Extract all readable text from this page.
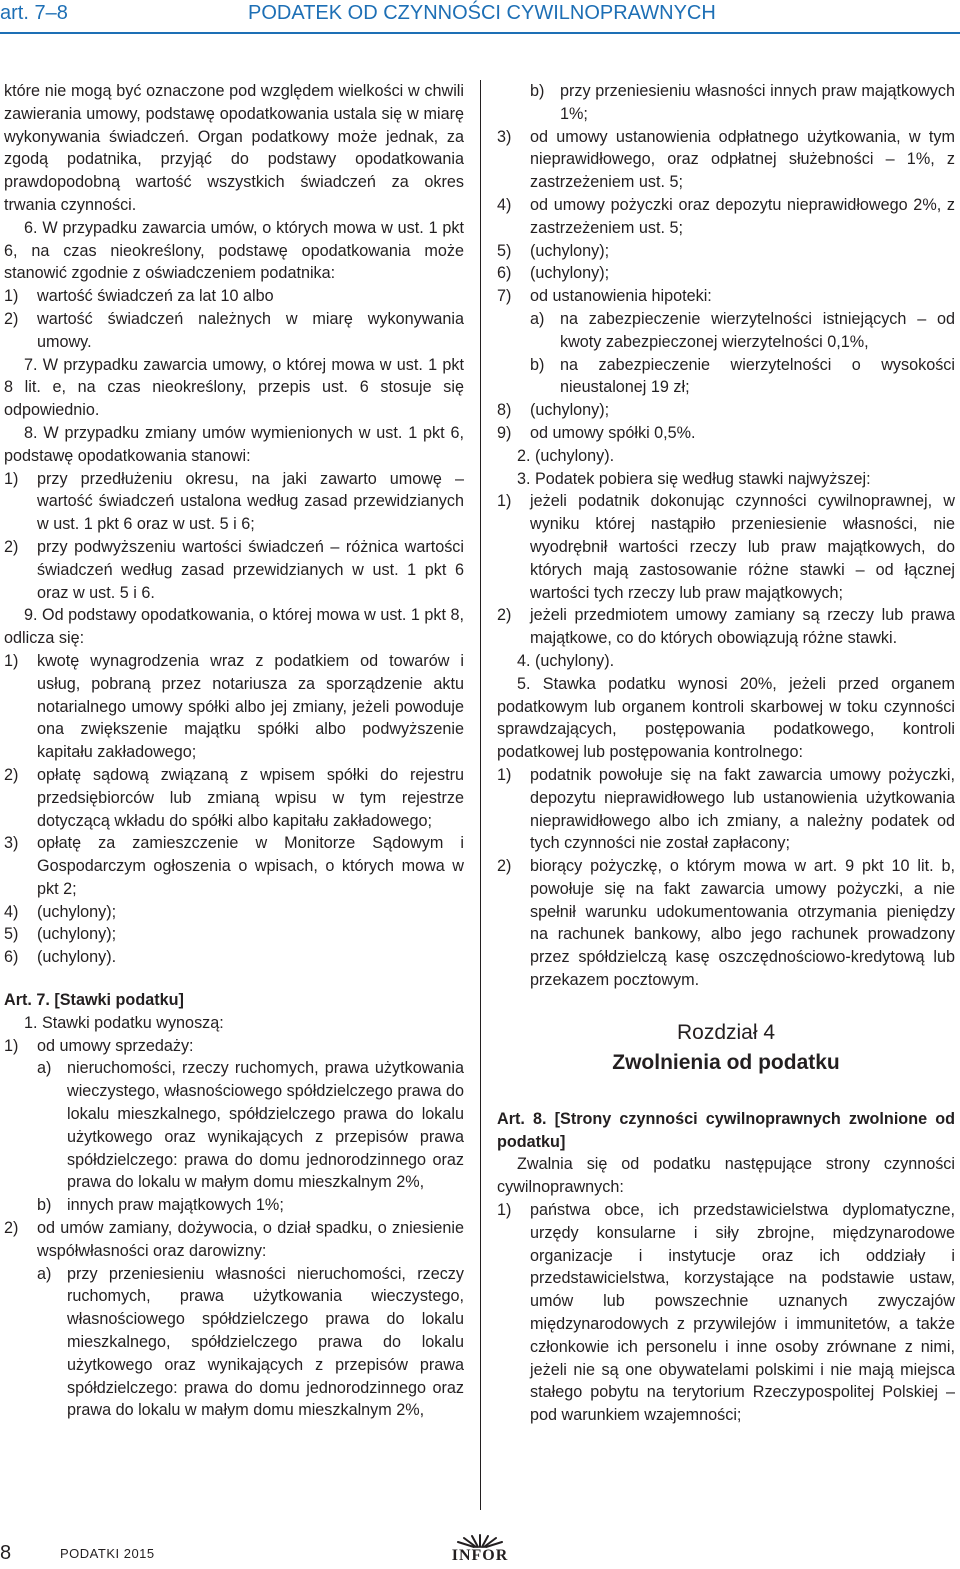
art. 7–8	PODATEK OD CZYNNOŚCI CYWILNOPRAWNYCH

które nie mogą być oznaczone pod względem wielkości w chwili zawierania umowy, podstawę opodatkowania ustala się w miarę wykonywania świadczeń. Organ podatkowy może jednak, za zgodą podatnika, przyjąć do podstawy opodatkowania prawdopodobną wartość wszystkich świadczeń za okres trwania czynności.

6. W przypadku zawarcia umów, o których mowa w ust. 1 pkt 6, na czas nieokreślony, podstawę opodatkowania może stanowić zgodnie z oświadczeniem podatnika:

1)	wartość świadczeń za lat 10 albo
2)	wartość świadczeń należnych w miarę wykonywania umowy.

7. W przypadku zawarcia umowy, o której mowa w ust. 1 pkt 8 lit. e, na czas nieokreślony, przepis ust. 6 stosuje się odpowiednio.

8. W przypadku zmiany umów wymienionych w ust. 1 pkt 6, podstawę opodatkowania stanowi:

1)	przy przedłużeniu okresu, na jaki zawarto umowę – wartość świadczeń ustalona według zasad przewidzianych w ust. 1 pkt 6 oraz w ust. 5 i 6;
2)	przy podwyższeniu wartości świadczeń – różnica wartości świadczeń według zasad przewidzianych w ust. 1 pkt 6 oraz w ust. 5 i 6.

9. Od podstawy opodatkowania, o której mowa w ust. 1 pkt 8, odlicza się:

1)	kwotę wynagrodzenia wraz z podatkiem od towarów i usług, pobraną przez notariusza za sporządzenie aktu notarialnego umowy spółki albo jej zmiany, jeżeli powoduje ona zwiększenie majątku spółki albo podwyższenie kapitału zakładowego;
2)	opłatę sądową związaną z wpisem spółki do rejestru przedsiębiorców lub zmianą wpisu w tym rejestrze dotyczącą wkładu do spółki albo kapitału zakładowego;
3)	opłatę za zamieszczenie w Monitorze Sądowym i Gospodarczym ogłoszenia o wpisach, o których mowa w pkt 2;
4)	(uchylony);
5)	(uchylony);
6)	(uchylony).

Art. 7. [Stawki podatku]

1. Stawki podatku wynoszą:

1)	od umowy sprzedaży:
a) nieruchomości, rzeczy ruchomych, prawa użytkowania wieczystego, własnościowego spółdzielczego prawa do lokalu mieszkalnego, spółdzielczego prawa do lokalu użytkowego oraz wynikających z przepisów prawa spółdzielczego: prawa do domu jednorodzinnego oraz prawa do lokalu w małym domu mieszkalnym 2%,
b) innych praw majątkowych 1%;
2)	od umów zamiany, dożywocia, o dział spadku, o zniesienie współwłasności oraz darowizny:
a) przy przeniesieniu własności nieruchomości, rzeczy ruchomych, prawa użytkowania wieczystego, własnościowego spółdzielczego prawa do lokalu mieszkalnego, spółdzielczego prawa do lokalu użytkowego oraz wynikających z przepisów prawa spółdzielczego: prawa do domu jednorodzinnego oraz prawa do lokalu w małym domu mieszkalnym 2%,
b) przy przeniesieniu własności innych praw majątkowych 1%;
3)	od umowy ustanowienia odpłatnego użytkowania, w tym nieprawidłowego, oraz odpłatnej służebności – 1%, z zastrzeżeniem ust. 5;
4)	od umowy pożyczki oraz depozytu nieprawidłowego 2%, z zastrzeżeniem ust. 5;
5)	(uchylony);
6)	(uchylony);
7)	od ustanowienia hipoteki:
a) na zabezpieczenie wierzytelności istniejących – od kwoty zabezpieczonej wierzytelności 0,1%,
b) na zabezpieczenie wierzytelności o wysokości nieustalonej 19 zł;
8)	(uchylony);
9)	od umowy spółki 0,5%.

2. (uchylony).

3. Podatek pobiera się według stawki najwyższej:

1)	jeżeli podatnik dokonując czynności cywilnoprawnej, w wyniku której nastąpiło przeniesienie własności, nie wyodrębnił wartości rzeczy lub praw majątkowych, do których mają zastosowanie różne stawki – od łącznej wartości tych rzeczy lub praw majątkowych;
2)	jeżeli przedmiotem umowy zamiany są rzeczy lub prawa majątkowe, co do których obowiązują różne stawki.

4. (uchylony).

5. Stawka podatku wynosi 20%, jeżeli przed organem podatkowym lub organem kontroli skarbowej w toku czynności sprawdzających, postępowania podatkowego, kontroli podatkowej lub postępowania kontrolnego:

1)	podatnik powołuje się na fakt zawarcia umowy pożyczki, depozytu nieprawidłowego lub ustanowienia użytkowania nieprawidłowego albo ich zmiany, a należny podatek od tych czynności nie został zapłacony;
2)	biorący pożyczkę, o którym mowa w art. 9 pkt 10 lit. b, powołuje się na fakt zawarcia umowy pożyczki, a nie spełnił warunku udokumentowania otrzymania pieniędzy na rachunek bankowy, albo jego rachunek prowadzony przez spółdzielczą kasę oszczędnościowo-kredytową lub przekazem pocztowym.
Rozdział 4
Zwolnienia od podatku

Art. 8. [Strony czynności cywilnoprawnych zwolnione od podatku]

Zwalnia się od podatku następujące strony czynności cywilnoprawnych:

1)	państwa obce, ich przedstawicielstwa dyplomatyczne, urzędy konsularne i siły zbrojne, międzynarodowe organizacje i instytucje oraz ich oddziały i przedstawicielstwa, korzystające na podstawie ustaw, umów lub powszechnie uznanych zwyczajów międzynarodowych z przywilejów i immunitetów, a także członkowie ich personelu i inne osoby zrównane z nimi, jeżeli nie są one obywatelami polskimi i nie mają miejsca stałego pobytu na terytorium Rzeczypospolitej Polskiej – pod warunkiem wzajemności;
8	PODATKI 2015	INFOR
